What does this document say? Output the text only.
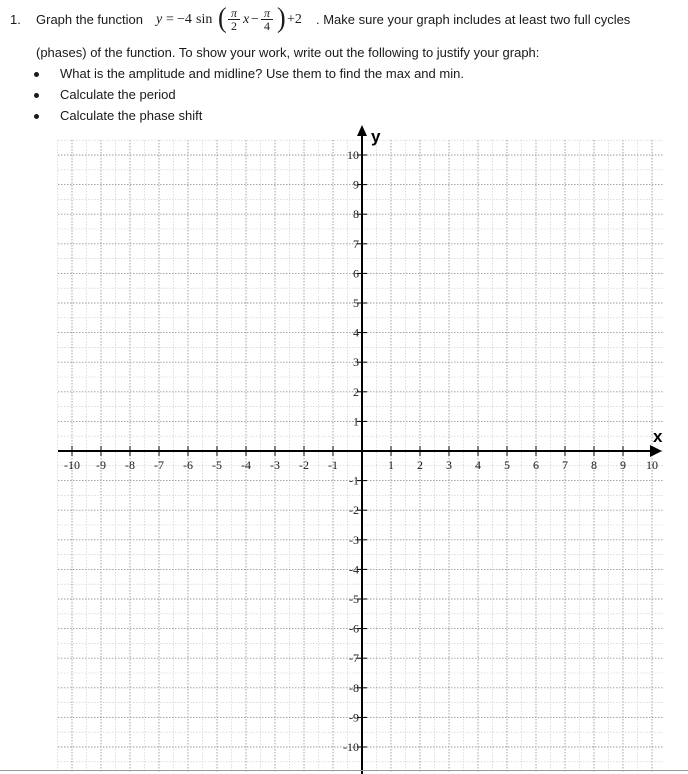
1. Graph the function y = −4 sin ( π
2 x − π
4 ) +2 . Make sure your graph includes at least two full cycles
(phases) of the function. To show your work, write out the following to justify your graph:
What is the amplitude and midline? Use them to find the max and min.
Calculate the period
Calculate the phase shift
x
y
-10 -9 -8 -7 -6 -5 -4 -3 -2 -1	1 2 3 4 5 6 7 8 9 10
10
9
8
7
6
5
4
3
2
1
-1
-2
-3
-4
-5
-6
-7
-8
-9
-10
